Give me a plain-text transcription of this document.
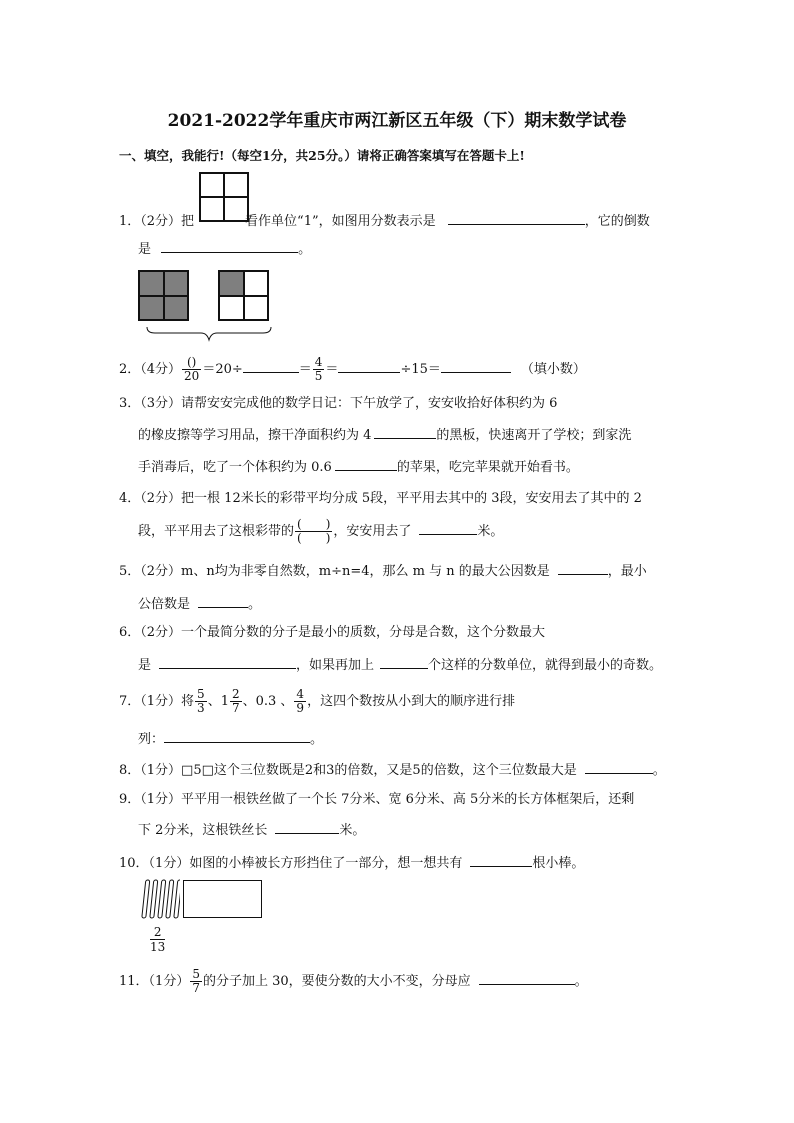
2021-2022学年重庆市两江新区五年级（下）期末数学试卷
一、填空，我能行!（每空1分，共25分。）请将正确答案填写在答题卡上!
1．（2分）把	看作单位“1”，如图用分数表示是	，它的倒数
是	。
2．（4分） $\frac{()}{20} =20\div$	＝ $\frac{4}{5}$ ＝	÷15＝	（填小数）
3．（3分）请帮安安完成他的数学日记：下午放学了，安安收拾好体积约为 6
的橡皮擦等学习用品，擦干净面积约为 4	的黑板，快速离开了学校；到家洗
手消毒后，吃了一个体积约为 0.6	的苹果，吃完苹果就开始看书。
4．（2分）把一根 12米长的彩带平均分成 5段，平平用去其中的 3段，安安用去了其中的 2
段，平平用去了这根彩带的 $\frac{( )}{( )}$ ，安安用去了	米。
5．（2分）m、n均为非零自然数，m÷n=4，那么 m 与 n 的最大公因数是	，最小
公倍数是	。
6．（2分）一个最简分数的分子是最小的质数，分母是合数，这个分数最大
是	，如果再加上	个这样的分数单位，就得到最小的奇数。
7．（1分）将 $\frac{5}{3}$ 、$1 \frac{2}{7}$ 、0.3 、 $\frac{4}{9}$ ，这四个数按从小到大的顺序进行排
列：	。
8．（1分）□5□这个三位数既是2和3的倍数，又是5的倍数，这个三位数最大是	。
9．（1分）平平用一根铁丝做了一个长 7分米、宽 6分米、高 5分米的长方体框架后，还剩
下 2分米，这根铁丝长	米。
10．（1分）如图的小棒被长方形挡住了一部分，想一想共有	根小棒。
$\frac{2}{13}$
11．（1分） $\frac{5}{7}$ 的分子加上 30，要使分数的大小不变，分母应	。
